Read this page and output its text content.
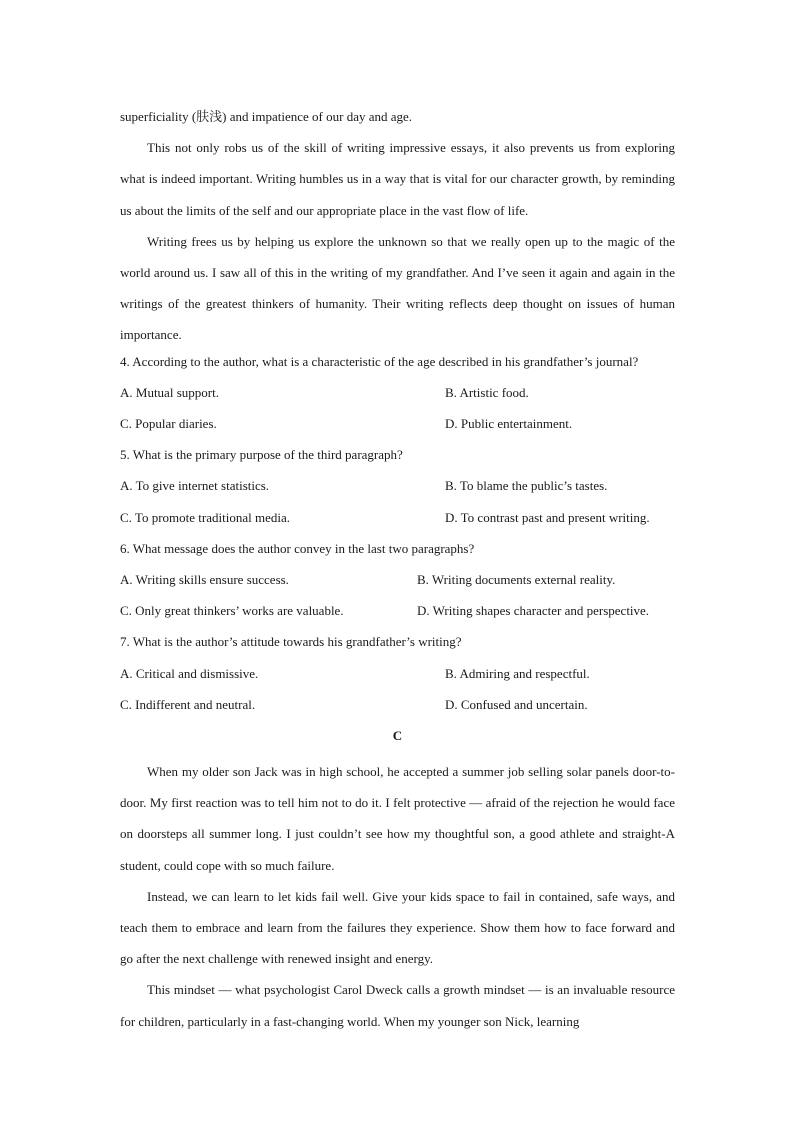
superficiality (肤浅) and impatience of our day and age.

This not only robs us of the skill of writing impressive essays, it also prevents us from exploring what is indeed important. Writing humbles us in a way that is vital for our character growth, by reminding us about the limits of the self and our appropriate place in the vast flow of life.

Writing frees us by helping us explore the unknown so that we really open up to the magic of the world around us. I saw all of this in the writing of my grandfather. And I’ve seen it again and again in the writings of the greatest thinkers of humanity. Their writing reflects deep thought on issues of human importance.

4. According to the author, what is a characteristic of the age described in his grandfather’s journal?
A. Mutual support.	B. Artistic food.
C. Popular diaries.	D. Public entertainment.
5. What is the primary purpose of the third paragraph?
A. To give internet statistics.	B. To blame the public’s tastes.
C. To promote traditional media.	D. To contrast past and present writing.
6. What message does the author convey in the last two paragraphs?
A. Writing skills ensure success.	B. Writing documents external reality.
C. Only great thinkers’ works are valuable.	D. Writing shapes character and perspective.
7. What is the author’s attitude towards his grandfather’s writing?
A. Critical and dismissive.	B. Admiring and respectful.
C. Indifferent and neutral.	D. Confused and uncertain.
C

When my older son Jack was in high school, he accepted a summer job selling solar panels door-to-door. My first reaction was to tell him not to do it. I felt protective — afraid of the rejection he would face on doorsteps all summer long. I just couldn’t see how my thoughtful son, a good athlete and straight-A student, could cope with so much failure.

Instead, we can learn to let kids fail well. Give your kids space to fail in contained, safe ways, and teach them to embrace and learn from the failures they experience. Show them how to face forward and go after the next challenge with renewed insight and energy.

This mindset — what psychologist Carol Dweck calls a growth mindset — is an invaluable resource for children, particularly in a fast-changing world. When my younger son Nick, learning
